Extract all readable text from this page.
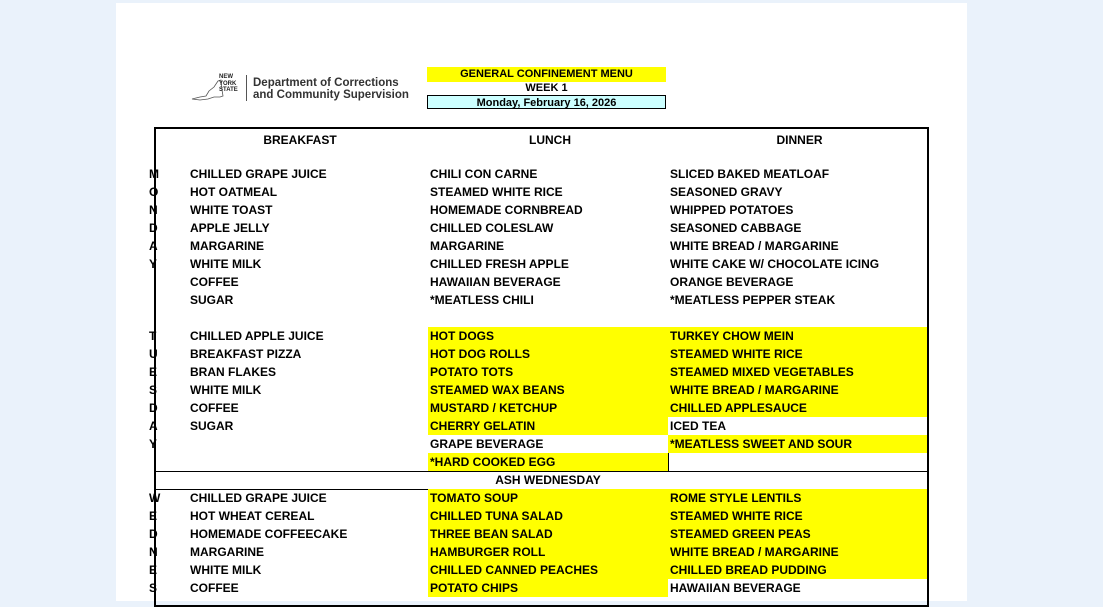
NEW
YORK
STATE
Department of Corrections
and Community Supervision
GENERAL CONFINEMENT MENU
WEEK 1
Monday, February 16, 2026
BREAKFAST	LUNCH	DINNER
ASH WEDNESDAY
M
O
N
D
A
Y
CHILLED GRAPE JUICE
HOT OATMEAL
WHITE TOAST
APPLE JELLY
MARGARINE
WHITE MILK
COFFEE
SUGAR
CHILI CON CARNE
STEAMED WHITE RICE
HOMEMADE CORNBREAD
CHILLED COLESLAW
MARGARINE
CHILLED FRESH APPLE
HAWAIIAN BEVERAGE
*MEATLESS CHILI
SLICED BAKED MEATLOAF
SEASONED GRAVY
WHIPPED POTATOES
SEASONED CABBAGE
WHITE BREAD / MARGARINE
WHITE CAKE W/ CHOCOLATE ICING
ORANGE BEVERAGE
*MEATLESS PEPPER STEAK
T
U
E
S
D
A
Y
CHILLED APPLE JUICE
BREAKFAST PIZZA
BRAN FLAKES
WHITE MILK
COFFEE
SUGAR
HOT DOGS
HOT DOG ROLLS
POTATO TOTS
STEAMED WAX BEANS
MUSTARD / KETCHUP
CHERRY GELATIN
GRAPE BEVERAGE
*HARD COOKED EGG
TURKEY CHOW MEIN
STEAMED WHITE RICE
STEAMED MIXED VEGETABLES
WHITE BREAD / MARGARINE
CHILLED APPLESAUCE
ICED TEA
*MEATLESS SWEET AND SOUR
W
E
D
N
E
S
CHILLED GRAPE JUICE
HOT WHEAT CEREAL
HOMEMADE COFFEECAKE
MARGARINE
WHITE MILK
COFFEE
TOMATO SOUP
CHILLED TUNA SALAD
THREE BEAN SALAD
HAMBURGER ROLL
CHILLED CANNED PEACHES
POTATO CHIPS
ROME STYLE LENTILS
STEAMED WHITE RICE
STEAMED GREEN PEAS
WHITE BREAD / MARGARINE
CHILLED BREAD PUDDING
HAWAIIAN BEVERAGE
